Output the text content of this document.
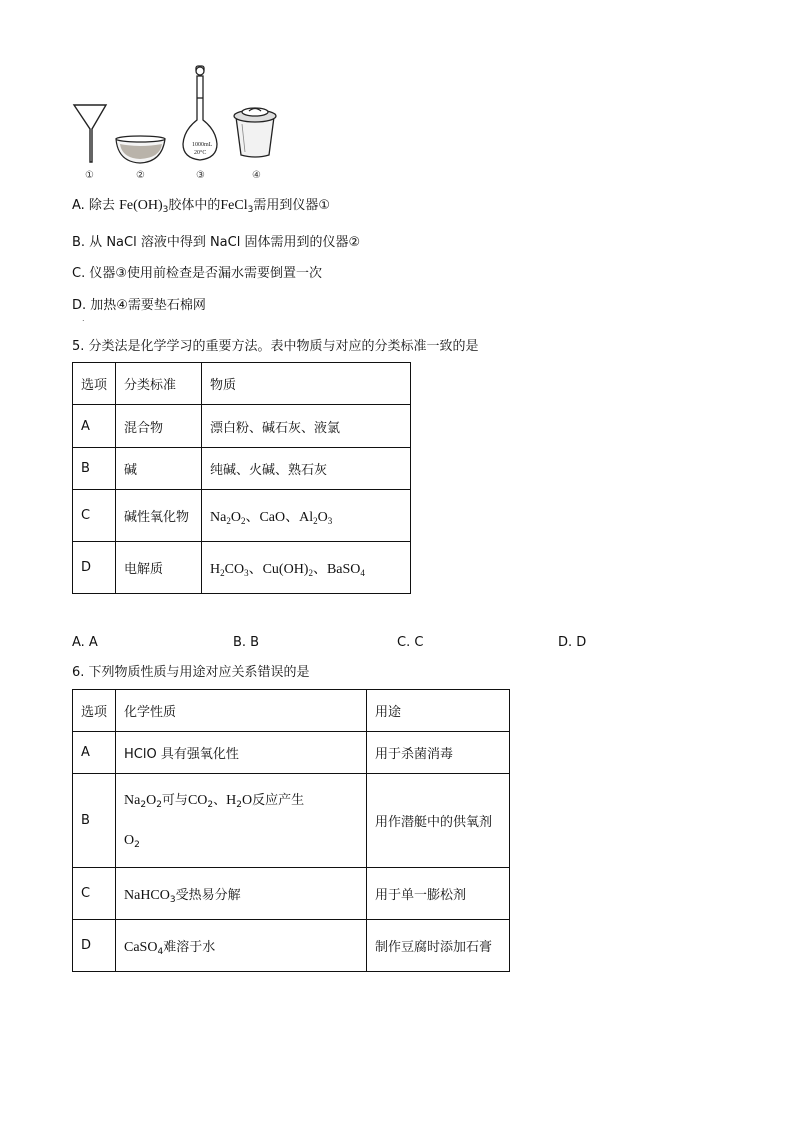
1000mL
20°C
①	②	③	④
A. 除去 $Fe(OH)_3$胶体中的FeCl$_3$需用到仪器①
B. 从 NaCl 溶液中得到 NaCl 固体需用到的仪器②
C. 仪器③使用前检查是否漏水需要倒置一次
D. 加热④需要垫石棉网
.
5. 分类法是化学学习的重要方法。表中物质与对应的分类标准一致的是
选项	分类标准	物质
A	混合物	漂白粉、碱石灰、液氯
B	碱	纯碱、火碱、熟石灰
C	碱性氧化物	$Na_2O_2$、CaO、$Al_2O_3$
D	电解质	$H_2CO_3$、$Cu(OH)_2$、BaSO$_4$
A. A	B. B	C. C	D. D
6. 下列物质性质与用途对应关系错误的是
选项	化学性质	用途
A	HClO 具有强氧化性	用于杀菌消毒
B	$Na_2O_2$可与$CO_2$、$H_2O$反应产生
$O_2$	用作潜艇中的供氧剂
C	NaHCO$_3$受热易分解	用于单一膨松剂
D	CaSO$_4$难溶于水	制作豆腐时添加石膏
